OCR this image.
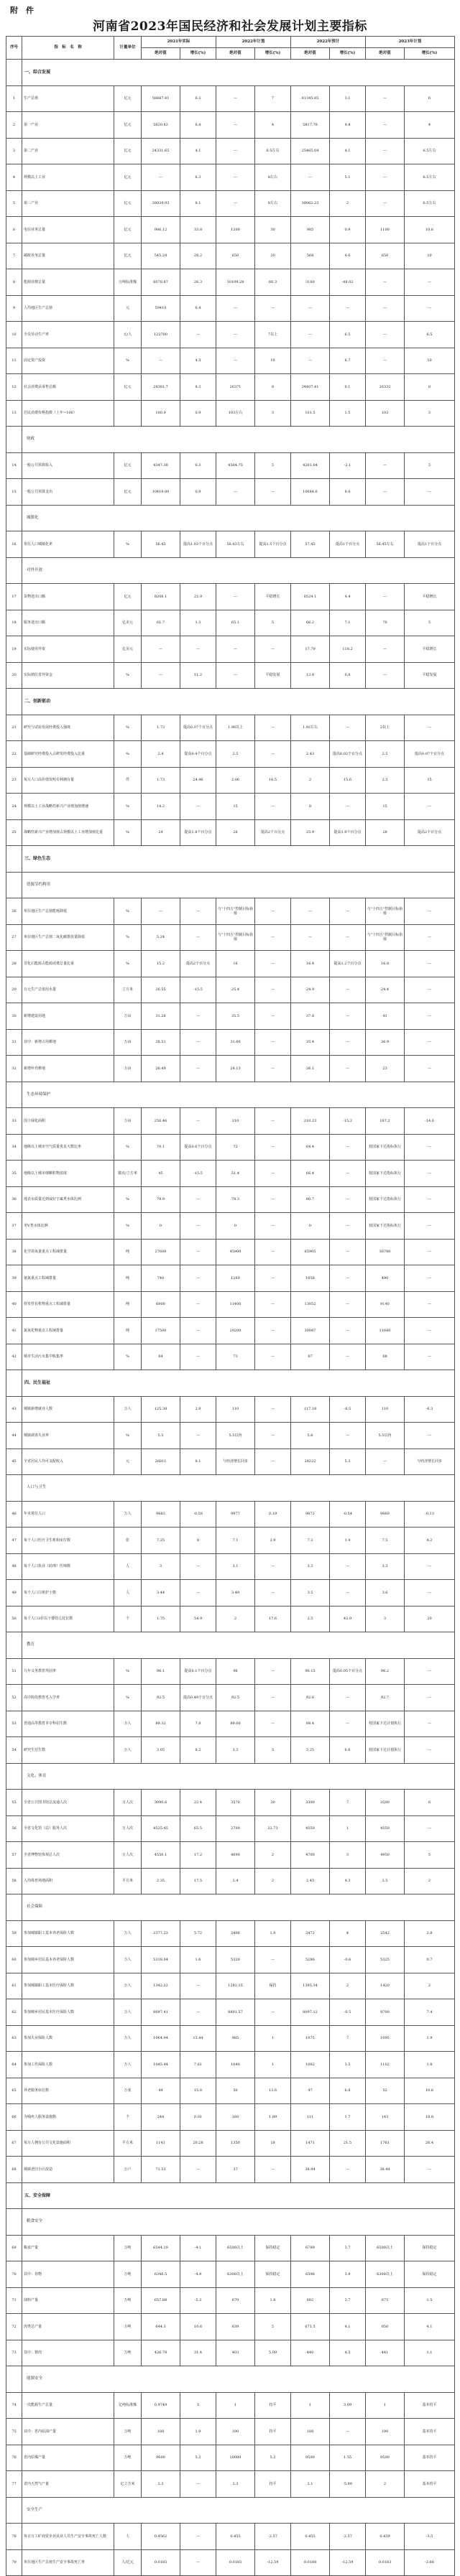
附　件
河南省2023年国民经济和社会发展计划主要指标
序号	指　标　名　称	计量单位	2021年实际		2022年计划		2022年预计		2023年计划	
			绝对值	增长(%)	绝对值	增长(%)	绝对值	增长(%)	绝对值	增长(%)
	一、综合发展									
1	生产总值	亿元	58887.41	6.3	—	7	61345.05	3.1	—	6
2	第一产业	亿元	5620.82	6.4	—	4	5817.78	4.8	—	4
3	第二产业	亿元	24331.65	4.1	—	6.5左右	25465.04	4.1	—	6.5左右
4	规模以上工业	亿元	—	6.3	—	8左右	—	5.1	—	6.5左右
5	第三产业	亿元	28934.93	8.1	—	8左右	30062.23	2	—	6.5左右
6	电信业务总量	亿元	986.12	33.8	1200	30	985	0.9	1100	10.6
7	邮政业务总量	亿元	545.24	28.2	650	20	568	4.6	650	10
8	能源消费总量	万吨标准煤	6078.87	26.3	10109.28	66.3	3160	-48.02	—	—
9	人均地区生产总值	元	59410	6.4	—	—	—	—	—	—
10	全员劳动生产率	元/人	122700	—	—	7以上	—	6.5	—	6.5
11	固定资产投资	%	—	4.5	—	10	—	6.7	—	10
12	社会消费品零售总额	亿元	24381.7	8.3	26371	8	24407.41	0.1	26332	8
13	居民消费价格指数（上年=100）		100.9	0.9	103左右	3	101.5	1.5	103	3
	财政									
14	一般公共预算收入	亿元	4347.38	6.3	4564.75	5	4261.64	-2.1	—	5
15	一般公共预算支出	亿元	10419.80	0.9	—	—	10644.6	8.8	—	—
	城镇化									
16	常住人口城镇化率	%	56.45	提高1.03个百分点	58.43左右	提高1.5个百分点	57.45	提高1个百分点	58.45左右	提高1个百分点
	对外开放									
17	货物进出口额	亿元	8208.1	22.9	—	平稳增长	8524.1	4.4	—	平稳增长
18	服务进出口额	亿美元	61.7	1.3	65.1	5	66.2	7.1	70	5
19	实际使用外资	亿美元	—	—	—	—	17.79	118.2	—	平稳增长
20	实际到位省外资金	%	—	11.2	—	平稳发展	13.8	0.8	—	平稳发展
	二、创新驱动									
21	研究与试验发展经费投入强度	%	1.73	提高0.07个百分点	1.96以上	—	1.92左右	—	2以上	—
22	基础研究经费投入占研发经费投入比重	%	2.4	提高0.4个百分点	2.5	—	2.43	提高0.02个百分点	2.5	提高0.07个百分点
23	每万人口高价值发明专利拥有量	件	1.73	24.46	2.06	16.5	2	15.6	2.3	15
24	规模以上工业战略性新兴产业增加值增速	%	14.2	—	15	—	8	—	15	—
25	战略性新兴产业增加值占规模以上工业增加值比重	%	24	提高1.8个百分点	26	提高2个百分点	25.9	提高1.9个百分点	28	提高2个百分点
	三、绿色生态									
	资源节约利用									
26	单位地区生产总值能耗降低	%	—	—	与"十四五"控制目标衔接	—	—	—	与"十四五"控制目标衔接	—
27	单位地区生产总值二氧化碳排放量降低	%	5.24	—	与"十四五"控制目标衔接	—	—	—	与"十四五"控制目标衔接	—
28	非化石能源占能源消费总量比重	%	15.2	提高2个百分点	16	—	16.4	提高1.2个百分点	16.8	—
29	万元生产总值用水量	立方米	26.55	-15.5	25.4	—	24.9	—	24.4	—
30	新增建设用地	万亩	31.26	—	35.5	—	37.8	—	41	—
31	其中：新增占用耕地	万亩	28.51	—	31.66	—	35.4	—	36.9	—
32	新增补充耕地	万亩	26.49	—	24.13	—	26.1	—	23	—
	生态环境保护									
33	国土绿化面积	万亩	256.46	—	210	—	210.23	-15.2	187.2	-14.6
34	地级以上城市空气质量优良天数比率	%	70.1	提高0.6个百分点	72	—	64.4	—	按国家下达指标执行	—
35	地级以上城市细颗粒物浓度	微克/立方米	45	-15.5	51.4	—	66.4	—	按国家下达指标执行	—
36	地表水质量达到或好于Ⅲ类水体比例	%	79.9	—	78.3	—	80.7	—	按国家下达指标执行	—
37	劣Ⅴ类水体比例	%	0	—	0	—	0	—	按国家下达指标执行	—
38	化学需氧量重点工程减排量	吨	27600	—	45900	—	65905	—	36780	—
39	氨氮重点工程减排量	吨	740	—	1260	—	1658	—	490	—
40	挥发性有机物重点工程减排量	吨	6900	—	11400	—	13052	—	9140	—
41	氮氧化物重点工程减排量	吨	17500	—	29200	—	30087	—	11680	—
42	城市生活污水集中收集率	%	64	—	73	—	67	—	68	—
	四、民生福祉									
43	城镇新增就业人数	万人	125.39	2.9	110	—	117.18	-6.5	110	-6.3
44	城镇调查失业率	%	5.5	—	5.5以内	—	5.6	—	5.5以内	—
45	全省居民人均可支配收入	元	26811	8.1	与经济增长同步	—	28222	5.3	—	与经济增长同步
	人口与卫生									
46	年末常住人口	万人	9883	-0.58	9977	0.19	9872	-0.54	9860	-0.13
47	每千人口医疗卫生机构床位数	张	7.25	8	7.1	2.9	7.2	1.4	7.5	4.2
48	每千人口执业（助理）医师数	人	3	—	3.1	—	3.2	—	3.3	—
49	每千人口注册护士数	人	3.44	—	3.49	—	3.5	—	3.6	—
50	每千人口3岁以下婴幼儿托位数	个	1.75	54.9	2	17.6	2.5	42.9	3	20
	教育									
51	九年义务教育巩固率	%	96.1	提高0.1个百分点	96	—	96.15	提高0.05个百分点	96.2	—
52	高中阶段教育毛入学率	%	92.5	提高0.49个百分点	92.5	—	92.6	—	92.7	—
53	普通高等教育本专科招生数	万人	89.32	7.8	89.06	—	88.4	—	按国家下达计划执行	—
54	研究生招生数	万人	3.05	8.2	3.2	5	3.25	6.6	按国家下达计划执行	—
	文化、体育									
55	全省公共图书馆总流通人次	万人次	3090.6	22.4	3570	20	3300	7	3500	6
56	全省文化馆（站）服务人次	万人次	4525.45	65.5	2700	22.73	4550	1	4550	—
57	全省博物馆参观总人次	万人次	4550.1	17.2	4690	2	4700	3	4950	5
58	人均体育场地面积	平方米	2.35	17.5	2.4	2	2.45	4.3	2.5	2
	社会保障									
59	参加城镇职工基本养老保险人数	万人	2377.23	5.72	2406	1.9	2472	4	2542	2.8
60	参加城乡居民基本养老保险人数	万人	5318.04	1.6	5320	—	5286	-0.6	5325	0.7
61	参加城镇职工基本医疗保险人数	万人	1342.22	—	1292.15	保持	1395.34	2	1420	2
62	参加城乡居民基本医疗保险人数	万人	8697.41	—	8801.57	—	8097.12	-0.5	8700	7.4
63	参加失业保险人数	万人	1064.94	13.44	985	1	1075	7	1095	1.9
64	参加工伤保险人数	万人	1045.44	7.61	1040	1	1082	3.5	1102	1.8
65	养老服务床位数	万张	44	15.8	50	13.6	47	6.8	52	10.6
66	为残疾人服务设施数	个	248	0.01	160	1.89	111	1.7	143	18.8
67	每万人拥有公共文化设施面积	平方米	1141	20.28	1350	18	1471	21.5	1761	26.4
68	城镇老旧小区改造	万户	71.53	—	37	—	38.94	—	38.44	—
	五、安全保障									
	粮食安全									
69	粮食产量	万吨	6544.19	-4.1	6500以上	保持稳定	6789	3.7	6500以上	保持稳定
70	其中：谷物	万吨	6346.5	-4.9	6300以上	保持稳定	6596	3.9	6300以上	保持稳定
71	油料产量	万吨	657.88	-5.3	670	1.8	682	3.7	675	1.5
72	肉类总产量	万吨	644.3	10.6	639	5	671.5	4.1	650	4.1
73	其中：猪肉	万吨	426.78	31.4	403	5.09	440	4.5	441	1.1
	能源安全									
74	一次能源生产总量	亿吨标准煤	0.9749	5	1	持平	1	3.09	1	基本持平
75	其中：省内原油产量	万吨	188	1.9	190	持平	188	—	190	基本持平
76	省内原煤产量	万吨	9600	5.3	10000	5.3	9500	1.55	9500	基本持平
77	省内天然气产量	亿立方米	2.3	—	2.3	持平	2.1	-5.99	2	基本持平
	安全生产									
78	每百万工矿商贸企业从业人员生产安全事故死亡人数	人	0.4562	—	0.455	-2.57	0.455	-2.57	0.439	-3.5
79	单位地区生产总值生产安全事故死亡率	人/亿元	0.0185	—	0.0185	-12.59	0.0188	-12.59	0.0183	-2.66
